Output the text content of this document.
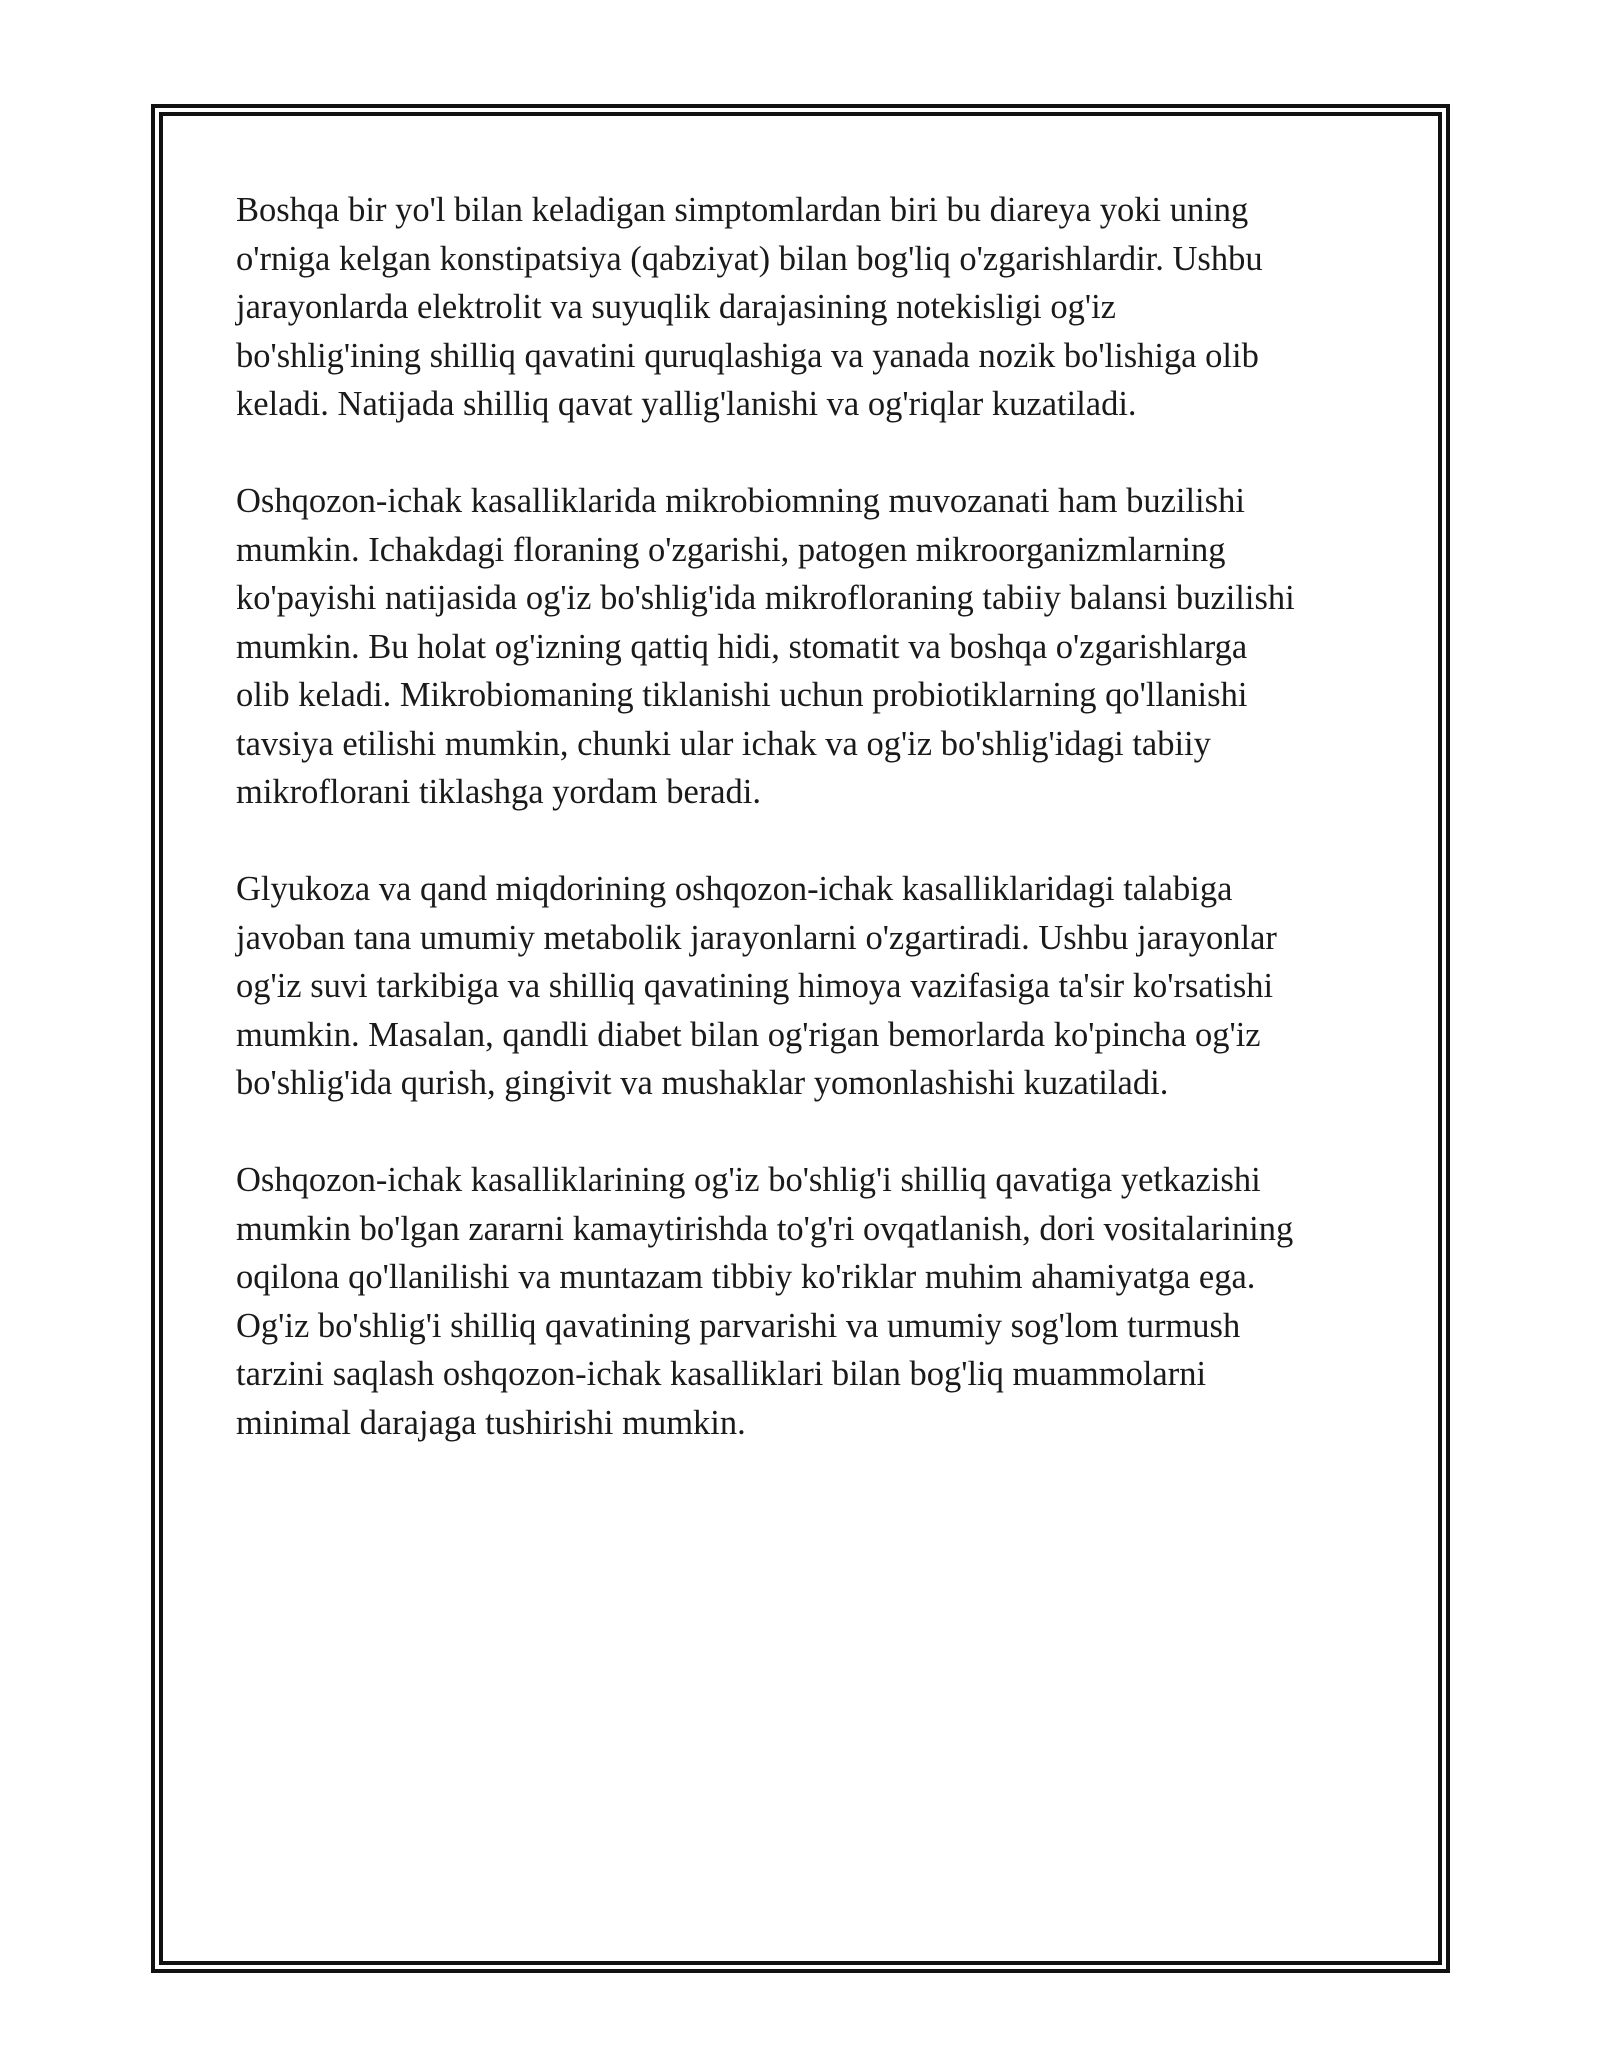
Boshqa bir yo'l bilan keladigan simptomlardan biri bu diareya yoki uning
o'rniga kelgan konstipatsiya (qabziyat) bilan bog'liq o'zgarishlardir. Ushbu
jarayonlarda elektrolit va suyuqlik darajasining notekisligi og'iz
bo'shlig'ining shilliq qavatini quruqlashiga va yanada nozik bo'lishiga olib
keladi. Natijada shilliq qavat yallig'lanishi va og'riqlar kuzatiladi.
Oshqozon-ichak kasalliklarida mikrobiomning muvozanati ham buzilishi
mumkin. Ichakdagi floraning o'zgarishi, patogen mikroorganizmlarning
ko'payishi natijasida og'iz bo'shlig'ida mikrofloraning tabiiy balansi buzilishi
mumkin. Bu holat og'izning qattiq hidi, stomatit va boshqa o'zgarishlarga
olib keladi. Mikrobiomaning tiklanishi uchun probiotiklarning qo'llanishi
tavsiya etilishi mumkin, chunki ular ichak va og'iz bo'shlig'idagi tabiiy
mikroflorani tiklashga yordam beradi.
Glyukoza va qand miqdorining oshqozon-ichak kasalliklaridagi talabiga
javoban tana umumiy metabolik jarayonlarni o'zgartiradi. Ushbu jarayonlar
og'iz suvi tarkibiga va shilliq qavatining himoya vazifasiga ta'sir ko'rsatishi
mumkin. Masalan, qandli diabet bilan og'rigan bemorlarda ko'pincha og'iz
bo'shlig'ida qurish, gingivit va mushaklar yomonlashishi kuzatiladi.
Oshqozon-ichak kasalliklarining og'iz bo'shlig'i shilliq qavatiga yetkazishi
mumkin bo'lgan zararni kamaytirishda to'g'ri ovqatlanish, dori vositalarining
oqilona qo'llanilishi va muntazam tibbiy ko'riklar muhim ahamiyatga ega.
Og'iz bo'shlig'i shilliq qavatining parvarishi va umumiy sog'lom turmush
tarzini saqlash oshqozon-ichak kasalliklari bilan bog'liq muammolarni
minimal darajaga tushirishi mumkin.
